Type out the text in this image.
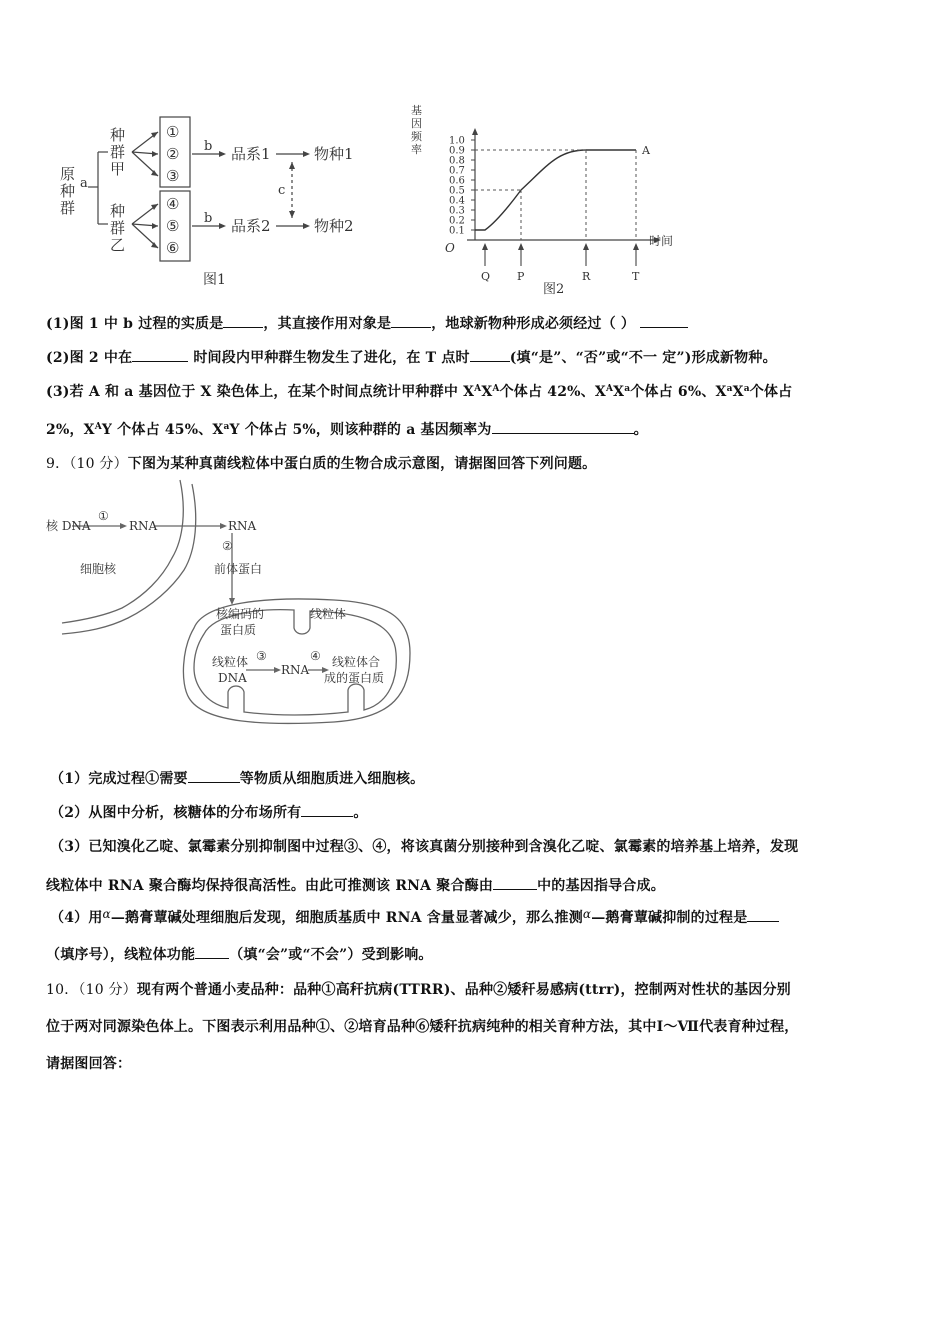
原
种
群
a
种
群
甲
种
群
乙
①
②
③
④
⑤
⑥
b
b
品系1
品系2
物种1
物种2
c
图1
基
因
频
率
0.1
0.2
0.3
0.4
0.5
0.6
0.7
0.8
0.9
1.0
Q P	R	T
A
O	时间
图2
(1)图 1 中 b 过程的实质是	，其直接作用对象是	，地球新物种形成必须经过（ ）
(2)图 2 中在	时间段内甲种群生物发生了进化，在 T 点时	(填“是”、“否”或“不一 定”)形成新物种。
(3)若 A 和 a 基因位于 X 染色体上，在某个时间点统计甲种群中 $X^AX^A$个体占 42%、$X^AX^a$个体占 6%、$X^aX^a$个体占
2%，$X^AY$ 个体占 45%、$X^aY$ 个体占 5%，则该种群的 a 基因频率为	。
9．（10 分）下图为某种真菌线粒体中蛋白质的生物合成示意图，请据图回答下列问题。
核 DNA
①
RNA	RNA
②
前体蛋白
细胞核
核编码的
蛋白质
线粒体
线粒体
DNA
③
RNA
④ 线粒体合
成的蛋白质
（1）完成过程①需要	等物质从细胞质进入细胞核。
（2）从图中分析，核糖体的分布场所有	。
（3）已知溴化乙啶、氯霉素分别抑制图中过程③、④，将该真菌分别接种到含溴化乙啶、氯霉素的培养基上培养，发现
线粒体中 RNA 聚合酶均保持很高活性。由此可推测该 RNA 聚合酶由	中的基因指导合成。
（4）用α—鹅膏蕈碱处理细胞后发现，细胞质基质中 RNA 含量显著减少，那么推测α—鹅膏蕈碱抑制的过程是
（填序号），线粒体功能 （填“会”或“不会”）受到影响。
10．（10 分）现有两个普通小麦品种：品种①高秆抗病(TTRR)、品种②矮秆易感病(ttrr)，控制两对性状的基因分别
位于两对同源染色体上。下图表示利用品种①、②培育品种⑥矮秆抗病纯种的相关育种方法，其中Ⅰ～Ⅶ代表育种过程，
请据图回答：
